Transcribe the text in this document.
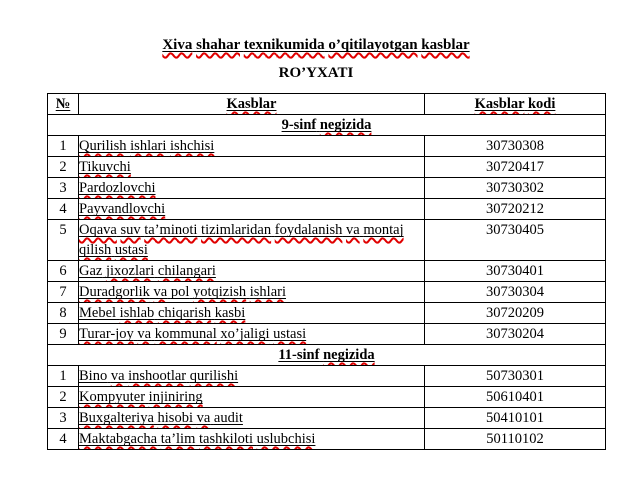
Xiva shahar texnikumida o’qitilayotgan kasblar
RO’YXATI
№	Kasblar	Kasblar kodi
9-sinf negizida		
1	Qurilish ishlari ishchisi	30730308
2	Tikuvchi	30720417
3	Pardozlovchi	30730302
4	Payvandlovchi	30720212
5	Oqava suv ta’minoti tizimlaridan foydalanish va montaj qilish ustasi	30730405
6	Gaz jixozlari chilangari	30730401
7	Duradgorlik va pol yotqizish ishlari	30730304
8	Mebel ishlab chiqarish kasbi	30720209
9	Turar-joy va kommunal xo’jaligi ustasi	30730204
11-sinf negizida		
1	Bino va inshootlar qurilishi	50730301
2	Kompyuter injiniring	50610401
3	Buxgalteriya hisobi va audit	50410101
4	Maktabgacha ta’lim tashkiloti uslubchisi	50110102
